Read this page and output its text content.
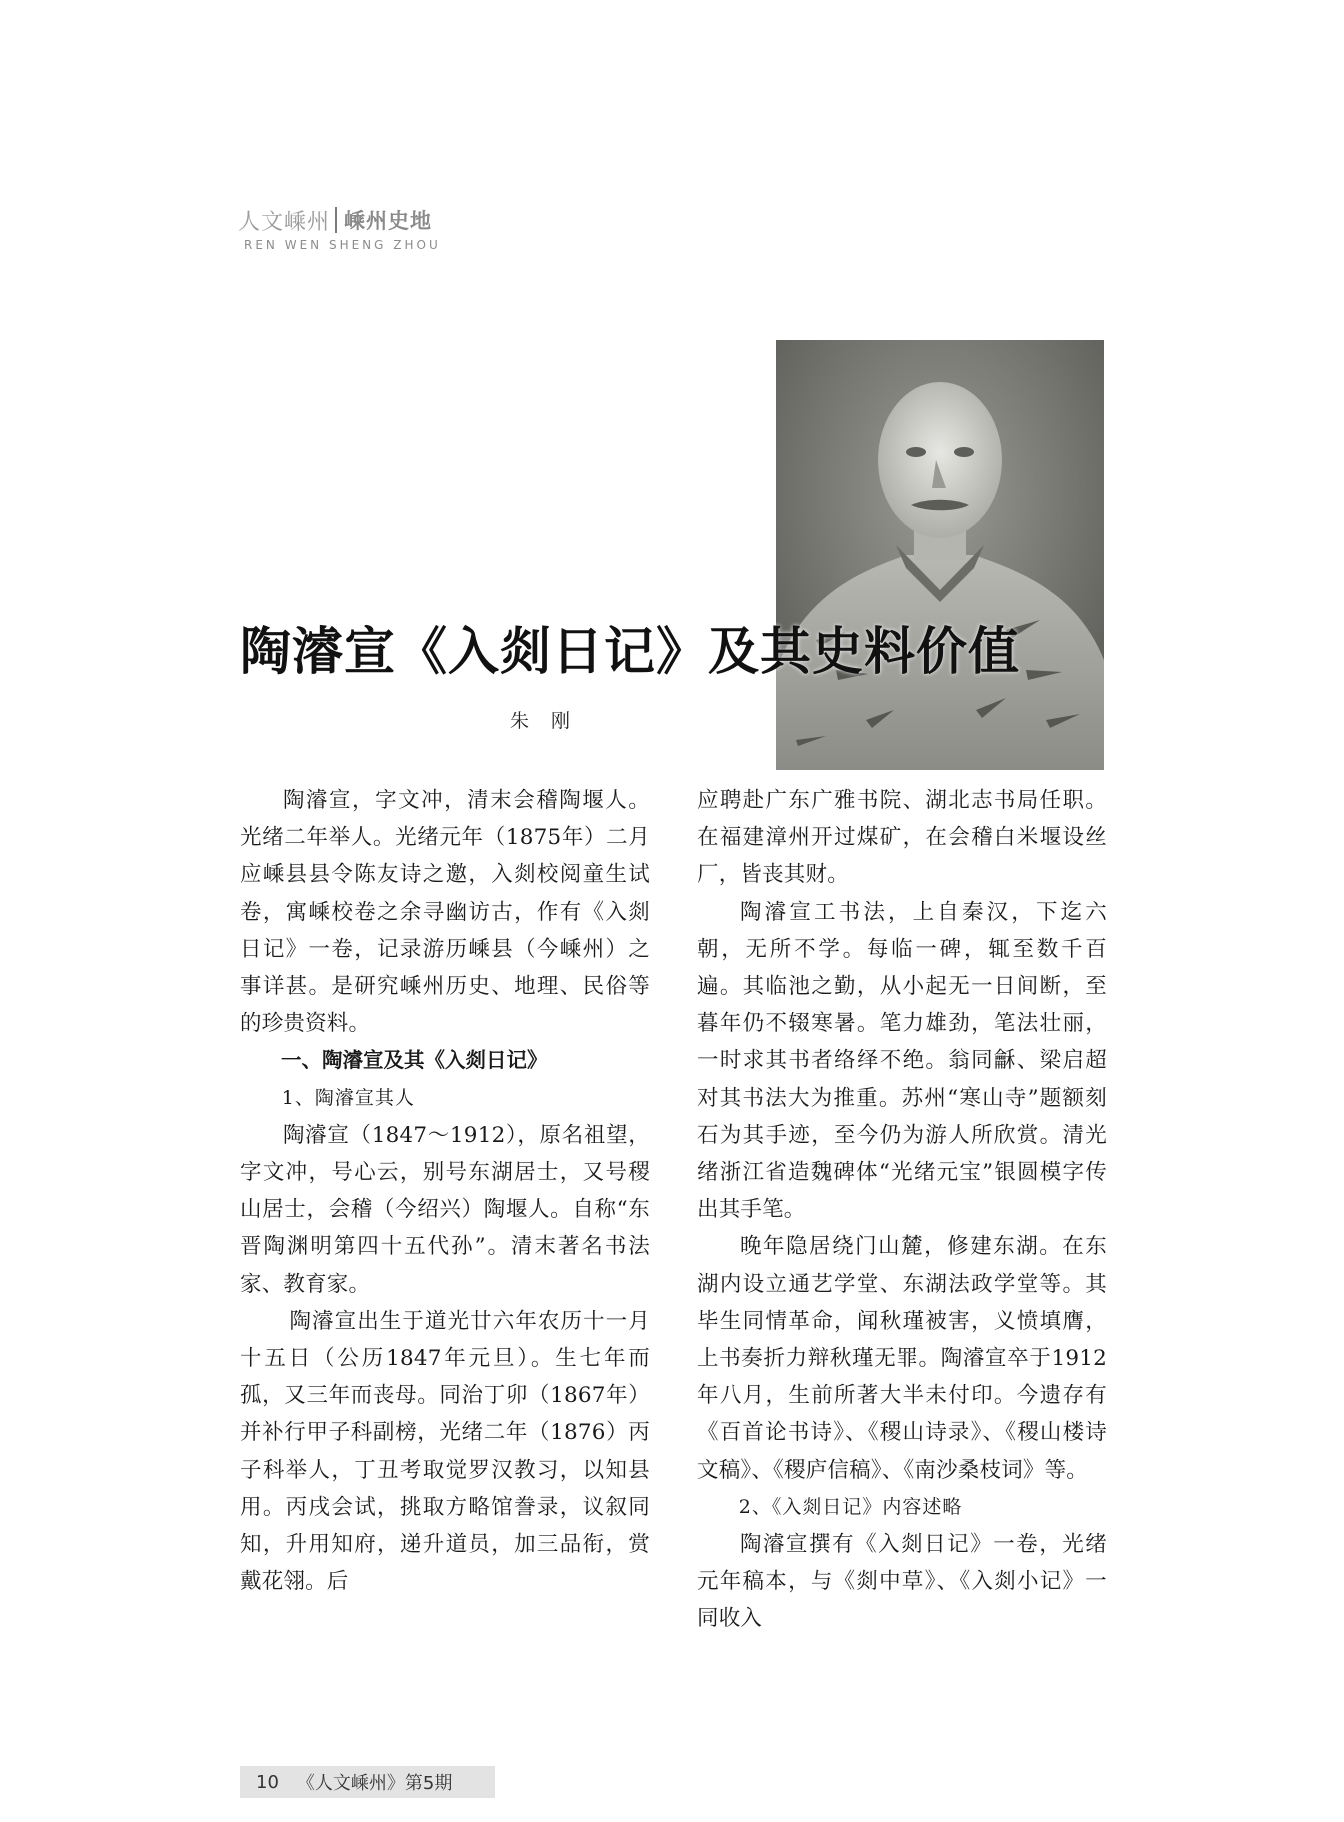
人文嵊州 嵊州史地
REN WEN SHENG ZHOU
陶濬宣《入剡日记》及其史料价值
朱刚

陶濬宣，字文冲，清末会稽陶堰人。光绪二年举人。光绪元年（1875年）二月应嵊县县令陈友诗之邀，入剡校阅童生试卷，寓嵊校卷之余寻幽访古，作有《入剡日记》一卷，记录游历嵊县（今嵊州）之事详甚。是研究嵊州历史、地理、民俗等的珍贵资料。

一、陶濬宣及其《入剡日记》
1、陶濬宣其人

陶濬宣（1847～1912），原名祖望，字文冲，号心云，别号东湖居士，又号稷山居士，会稽（今绍兴）陶堰人。自称“东晋陶渊明第四十五代孙”。清末著名书法家、教育家。

陶濬宣出生于道光廿六年农历十一月十五日（公历1847年元旦）。生七年而孤，又三年而丧母。同治丁卯（1867年）并补行甲子科副榜，光绪二年（1876）丙子科举人，丁丑考取觉罗汉教习，以知县用。丙戌会试，挑取方略馆誊录，议叙同知，升用知府，递升道员，加三品衔，赏戴花翎。后

应聘赴广东广雅书院、湖北志书局任职。在福建漳州开过煤矿，在会稽白米堰设丝厂，皆丧其财。

陶濬宣工书法，上自秦汉，下迄六朝，无所不学。每临一碑，辄至数千百遍。其临池之勤，从小起无一日间断，至暮年仍不辍寒暑。笔力雄劲，笔法壮丽，一时求其书者络绎不绝。翁同龢、梁启超对其书法大为推重。苏州“寒山寺”题额刻石为其手迹，至今仍为游人所欣赏。清光绪浙江省造魏碑体“光绪元宝”银圆模字传出其手笔。

晚年隐居绕门山麓，修建东湖。在东湖内设立通艺学堂、东湖法政学堂等。其毕生同情革命，闻秋瑾被害，义愤填膺，上书奏折力辩秋瑾无罪。陶濬宣卒于1912年八月，生前所著大半未付印。今遗存有《百首论书诗》、《稷山诗录》、《稷山楼诗文稿》、《稷庐信稿》、《南沙桑枝词》等。

2、《入剡日记》内容述略

陶濬宣撰有《入剡日记》一卷，光绪元年稿本，与《剡中草》、《入剡小记》一同收入

10 《人文嵊州》第5期
